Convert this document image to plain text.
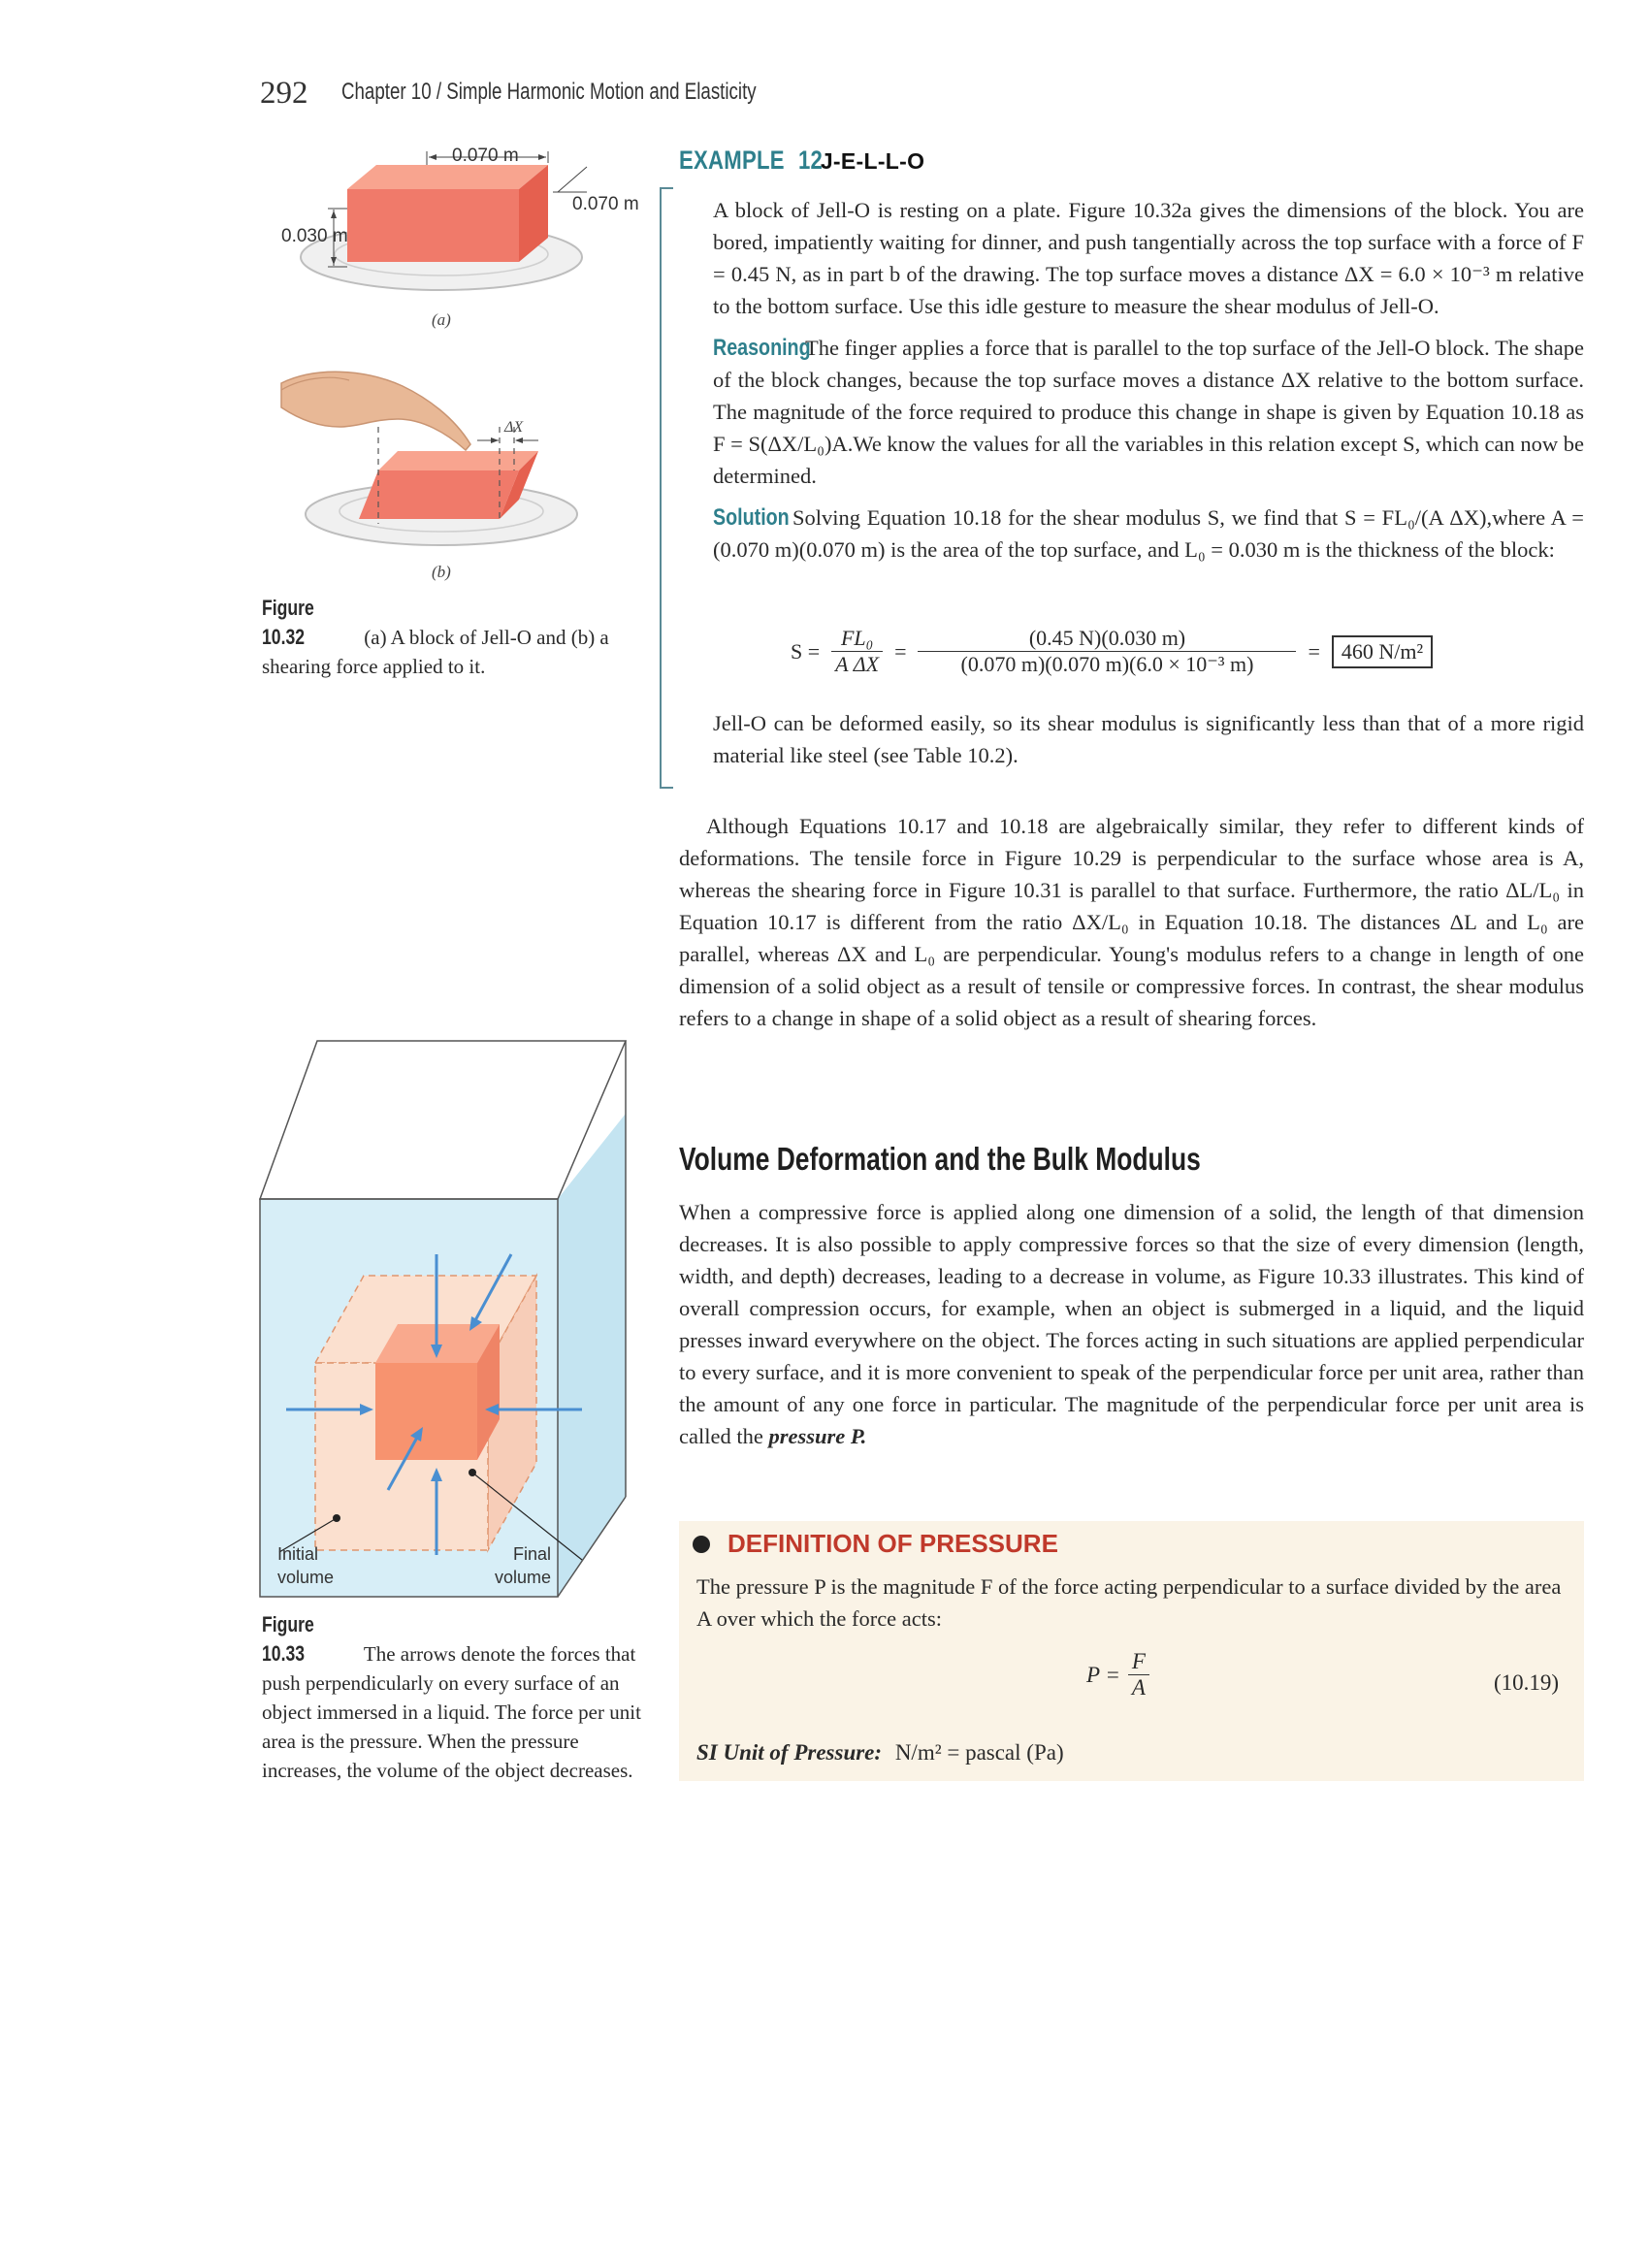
292 Chapter 10 / Simple Harmonic Motion and Elasticity
0.070 m
0.070 m
0.030 m
(a)
ΔX
(b)
Figure 10.32	(a) A block of Jell-O and (b) a shearing force applied to it.
EXAMPLE 12 J-E-L-L-O

A block of Jell-O is resting on a plate. Figure 10.32a gives the dimensions of the block. You are bored, impatiently waiting for dinner, and push tangentially across the top surface with a force of F = 0.45 N, as in part b of the drawing. The top surface moves a distance ΔX = 6.0 × 10⁻³ m relative to the bottom surface. Use this idle gesture to measure the shear modulus of Jell-O.

ReasoningThe finger applies a force that is parallel to the top surface of the Jell-O block. The shape of the block changes, because the top surface moves a distance ΔX relative to the bottom surface. The magnitude of the force required to produce this change in shape is given by Equation 10.18 as F = S(ΔX/L₀)A.We know the values for all the variables in this relation except S, which can now be determined.

Solution Solving Equation 10.18 for the shear modulus S, we find that S = FL₀/(A ΔX),where A = (0.070 m)(0.070 m) is the area of the top surface, and L₀ = 0.030 m is the thickness of the block:

$S = \frac{\text{FL₀}}{\text{A ΔX}} = \frac{(0.45 N)(0.030 m)}{\text{(0.070 m)(0.070 m)(6.0 × 10⁻³ m)}}$ =	460 N/m²
Jell-O can be deformed easily, so its shear modulus is significantly less than that of a more rigid material like steel (see Table 10.2).
Although Equations 10.17 and 10.18 are algebraically similar, they refer to different kinds of deformations. The tensile force in Figure 10.29 is perpendicular to the surface whose area is A, whereas the shearing force in Figure 10.31 is parallel to that surface. Furthermore, the ratio ΔL/L₀ in Equation 10.17 is different from the ratio ΔX/L₀ in Equation 10.18. The distances ΔL and L₀ are parallel, whereas ΔX and L₀ are perpendicular. Young's modulus refers to a change in length of one dimension of a solid object as a result of tensile or compressive forces. In contrast, the shear modulus refers to a change in shape of a solid object as a result of shearing forces.
Volume Deformation and the Bulk Modulus
When a compressive force is applied along one dimension of a solid, the length of that dimension decreases. It is also possible to apply compressive forces so that the size of every dimension (length, width, and depth) decreases, leading to a decrease in volume, as Figure 10.33 illustrates. This kind of overall compression occurs, for example, when an object is submerged in a liquid, and the liquid presses inward everywhere on the object. The forces acting in such situations are applied perpendicular to every surface, and it is more convenient to speak of the perpendicular force per unit area, rather than the amount of any one force in particular. The magnitude of the perpendicular force per unit area is called the pressure P.
DEFINITION OF PRESSURE
The pressure P is the magnitude F of the force acting perpendicular to a surface divided by the area A over which the force acts:
$P = \frac{F}{A}$	(10.19)
SI Unit of Pressure: N/m² = pascal (Pa)
Initial
volume
Final
volume
Figure 10.33	The arrows denote the forces that push perpendicularly on every surface of an object immersed in a liquid. The force per unit area is the pressure. When the pressure increases, the volume of the object decreases.
